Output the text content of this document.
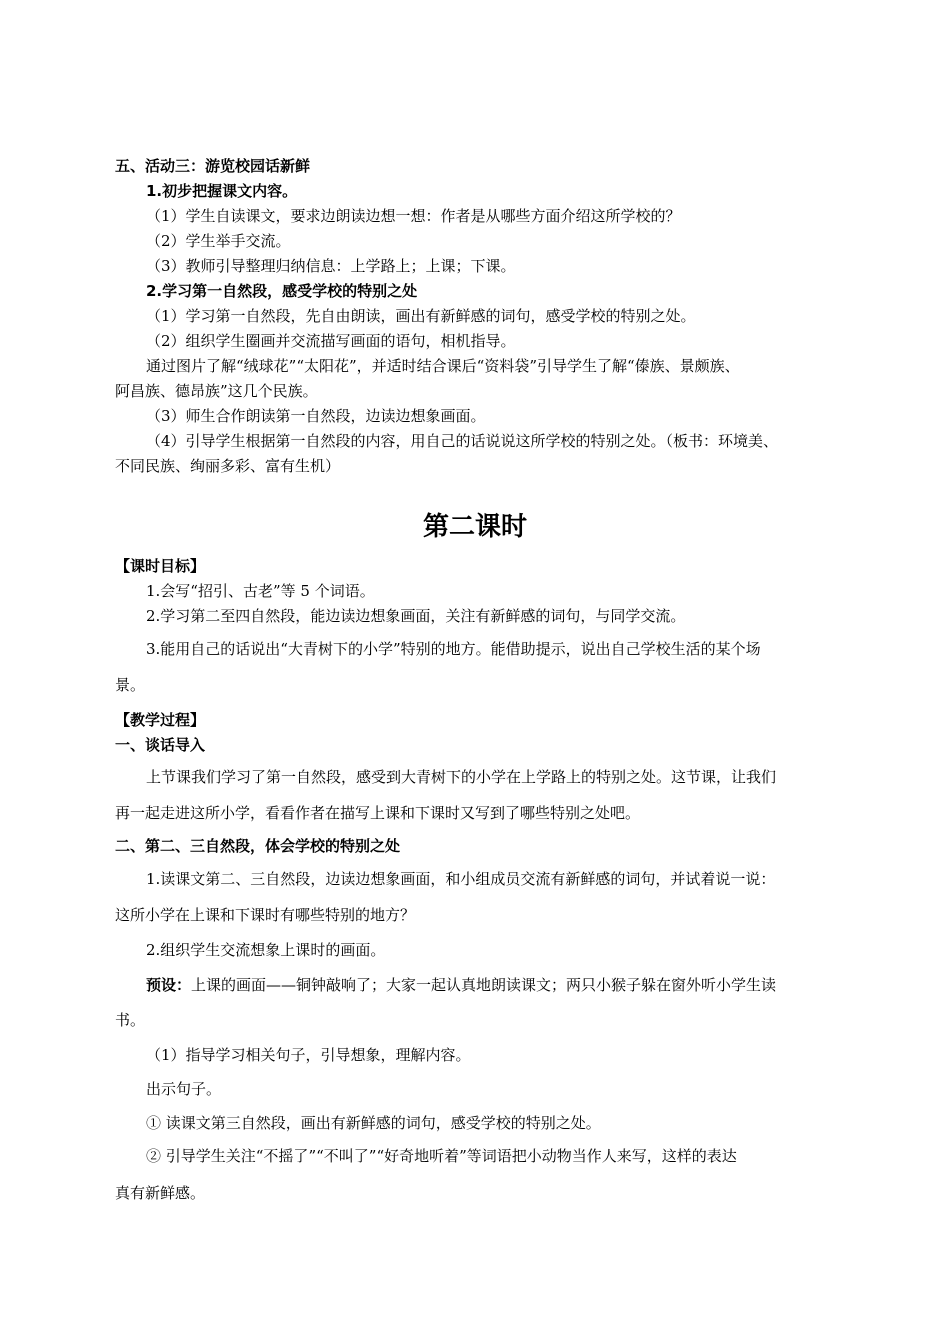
五、活动三：游览校园话新鲜
1.初步把握课文内容。
（1）学生自读课文，要求边朗读边想一想：作者是从哪些方面介绍这所学校的？
（2）学生举手交流。
（3）教师引导整理归纳信息：上学路上；上课；下课。
2.学习第一自然段，感受学校的特别之处
（1）学习第一自然段，先自由朗读，画出有新鲜感的词句，感受学校的特别之处。
（2）组织学生圈画并交流描写画面的语句，相机指导。
通过图片了解“绒球花”“太阳花”，并适时结合课后“资料袋”引导学生了解“傣族、景颇族、
阿昌族、德昂族”这几个民族。
（3）师生合作朗读第一自然段，边读边想象画面。
（4）引导学生根据第一自然段的内容，用自己的话说说这所学校的特别之处。（板书：环境美、
不同民族、绚丽多彩、富有生机）
第二课时
【课时目标】
1.会写“招引、古老”等 5 个词语。
2.学习第二至四自然段，能边读边想象画面，关注有新鲜感的词句，与同学交流。
3.能用自己的话说出“大青树下的小学”特别的地方。能借助提示，说出自己学校生活的某个场
景。
【教学过程】
一、谈话导入
上节课我们学习了第一自然段，感受到大青树下的小学在上学路上的特别之处。这节课，让我们
再一起走进这所小学，看看作者在描写上课和下课时又写到了哪些特别之处吧。
二、第二、三自然段，体会学校的特别之处
1.读课文第二、三自然段，边读边想象画面，和小组成员交流有新鲜感的词句，并试着说一说：
这所小学在上课和下课时有哪些特别的地方？
2.组织学生交流想象上课时的画面。
预设：上课的画面——铜钟敲响了；大家一起认真地朗读课文；两只小猴子躲在窗外听小学生读
书。
（1）指导学习相关句子，引导想象，理解内容。
出示句子。
① 读课文第三自然段，画出有新鲜感的词句，感受学校的特别之处。
② 引导学生关注“不摇了”“不叫了”“好奇地听着”等词语把小动物当作人来写，这样的表达
真有新鲜感。
